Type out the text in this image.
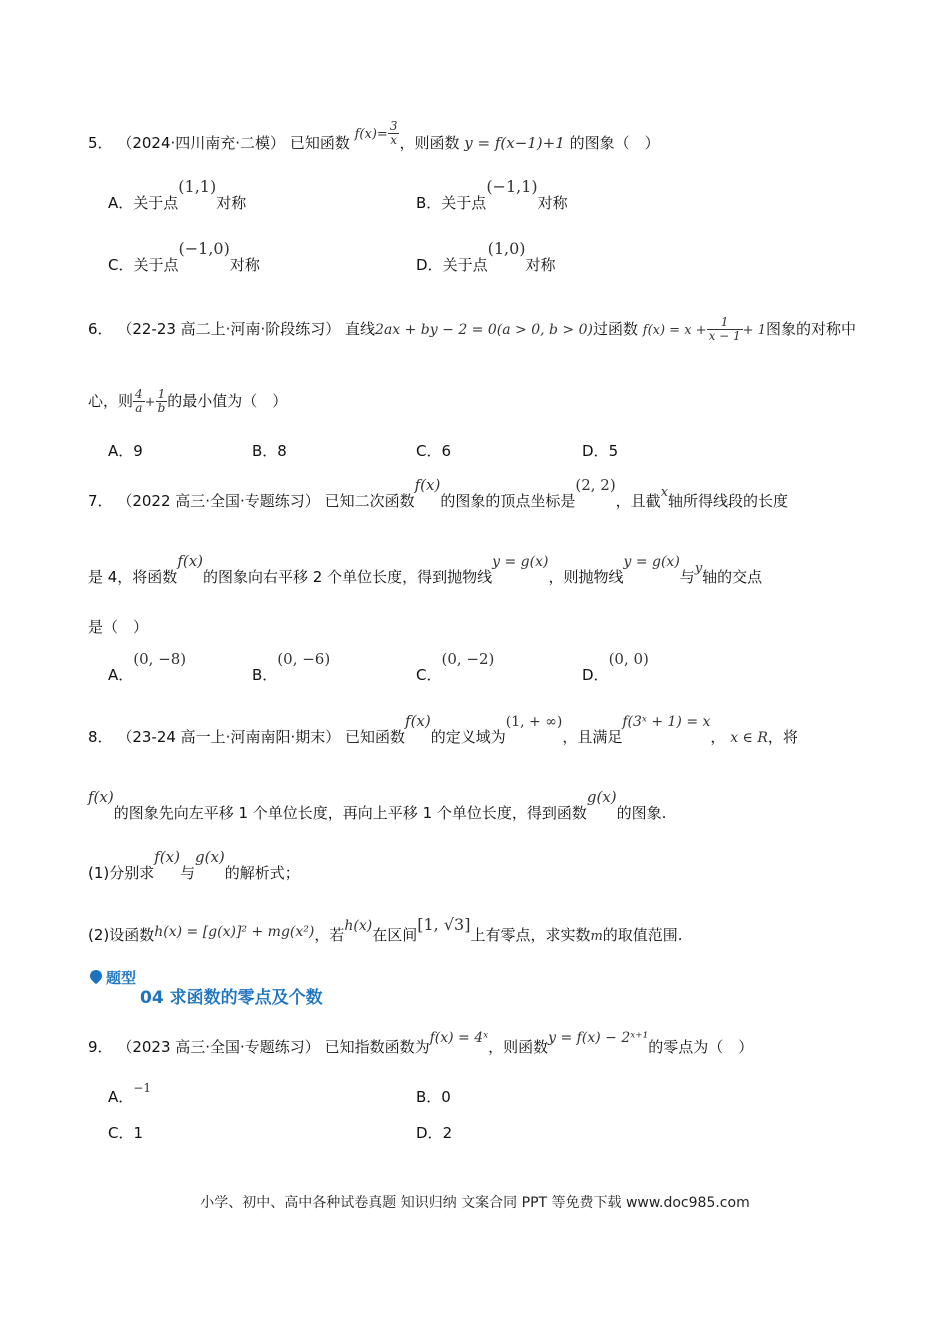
5． （2024·四川南充·二模） 已知函数 $f(x)= \frac{3}{x}$ ，则函数 y = f(x−1)+1 的图象（　）
A．关于点(1,1)对称	B．关于点(−1,1)对称
C．关于点(−1,0)对称	D．关于点(1,0)对称
6． （22-23 高二上·河南·阶段练习） 直线2ax + by − 2 = 0(a > 0, b > 0)过函数 $f(x) = x + \frac{1}{x - 1} + 1$图象的对称中
心，则 $\frac{4}{a} + \frac{1}{b}$ 的最小值为（　）
A．9	B．8	C．6	D．5
7． （2022 高三·全国·专题练习） 已知二次函数f(x)的图象的顶点坐标是(2, 2)，且截x轴所得线段的长度
是 4，将函数f(x)的图象向右平移 2 个单位长度，得到抛物线y = g(x)，则抛物线y = g(x)与y轴的交点
是（　）
A．(0, −8)
B．(0, −6)
C．(0, −2)
D．(0, 0)
8． （23-24 高一上·河南南阳·期末） 已知函数f(x)的定义域为(1, + ∞)，且满足f(3ˣ + 1) = x， x ∈ R，将
f(x)的图象先向左平移 1 个单位长度，再向上平移 1 个单位长度，得到函数g(x)的图象.
(1)分别求f(x)与g(x)的解析式；
(2)设函数h(x) = [g(x)]² + mg(x²)，若h(x)在区间[1, √3]上有零点，求实数m的取值范围.
题型
04 求函数的零点及个数
9． （2023 高三·全国·专题练习） 已知指数函数为f(x) = 4ˣ，则函数y = f(x) − 2ˣ⁺¹的零点为（　）
A．$^{-1}$	B．0
C．1	D．2
小学、初中、高中各种试卷真题 知识归纳 文案合同 PPT 等免费下载 www.doc985.com
